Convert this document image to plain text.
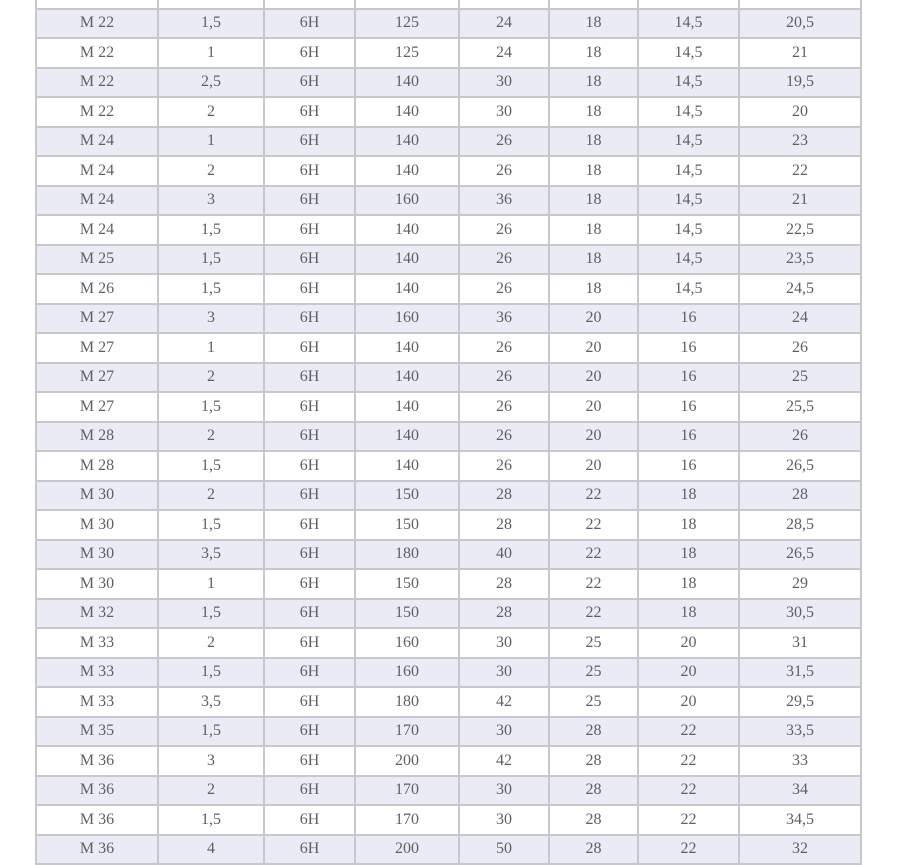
M 22	1,5	6H	125	24	18	14,5	20,5
M 22	1	6H	125	24	18	14,5	21
M 22	2,5	6H	140	30	18	14,5	19,5
M 22	2	6H	140	30	18	14,5	20
M 24	1	6H	140	26	18	14,5	23
M 24	2	6H	140	26	18	14,5	22
M 24	3	6H	160	36	18	14,5	21
M 24	1,5	6H	140	26	18	14,5	22,5
M 25	1,5	6H	140	26	18	14,5	23,5
M 26	1,5	6H	140	26	18	14,5	24,5
M 27	3	6H	160	36	20	16	24
M 27	1	6H	140	26	20	16	26
M 27	2	6H	140	26	20	16	25
M 27	1,5	6H	140	26	20	16	25,5
M 28	2	6H	140	26	20	16	26
M 28	1,5	6H	140	26	20	16	26,5
M 30	2	6H	150	28	22	18	28
M 30	1,5	6H	150	28	22	18	28,5
M 30	3,5	6H	180	40	22	18	26,5
M 30	1	6H	150	28	22	18	29
M 32	1,5	6H	150	28	22	18	30,5
M 33	2	6H	160	30	25	20	31
M 33	1,5	6H	160	30	25	20	31,5
M 33	3,5	6H	180	42	25	20	29,5
M 35	1,5	6H	170	30	28	22	33,5
M 36	3	6H	200	42	28	22	33
M 36	2	6H	170	30	28	22	34
M 36	1,5	6H	170	30	28	22	34,5
M 36	4	6H	200	50	28	22	32
